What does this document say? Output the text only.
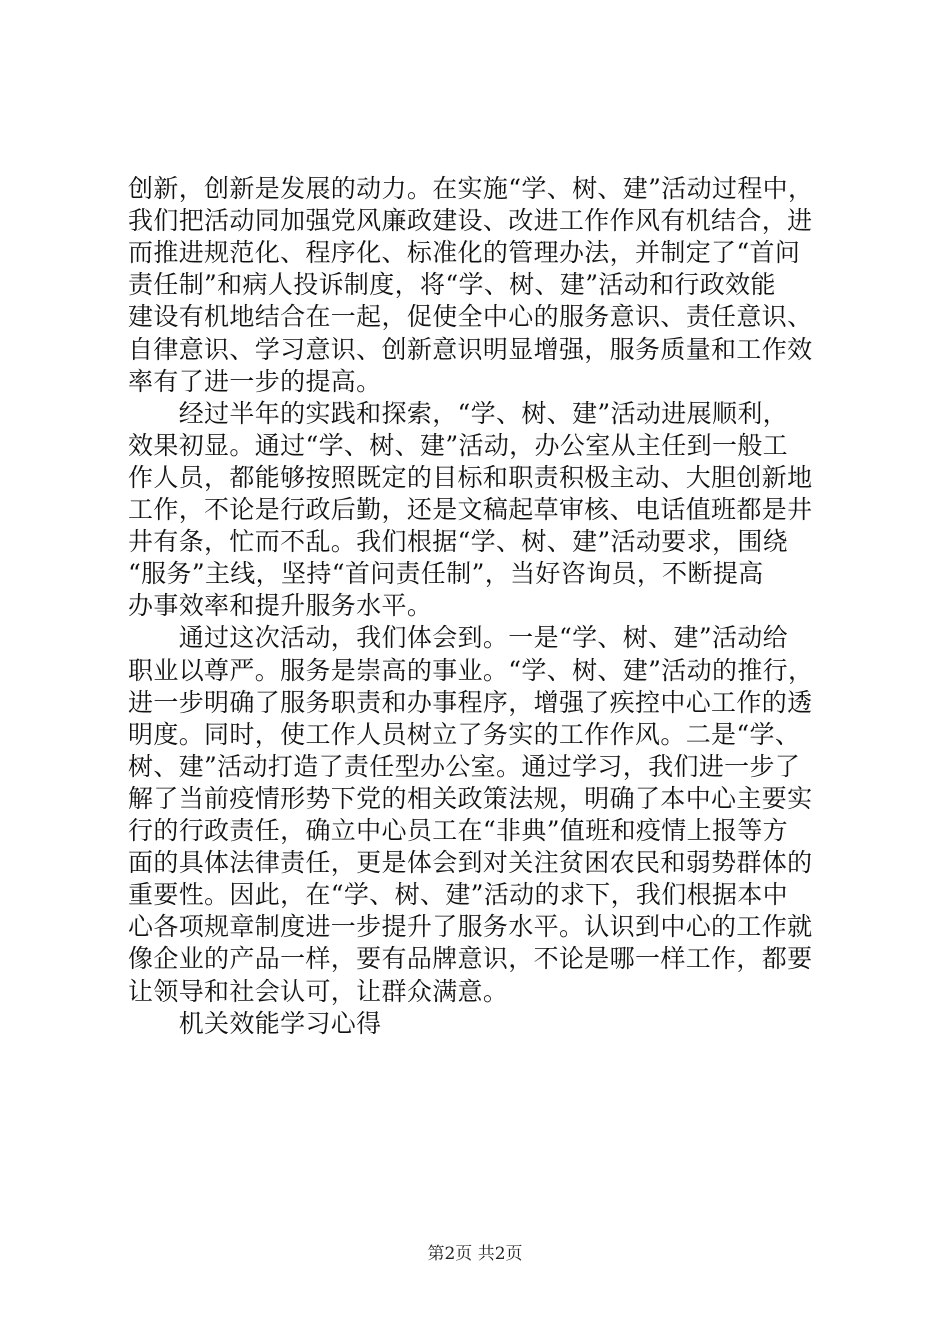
创新，创新是发展的动力。在实施“学、树、建”活动过程中，
我们把活动同加强党风廉政建设、改进工作作风有机结合，进
而推进规范化、程序化、标准化的管理办法，并制定了“首问
责任制”和病人投诉制度，将“学、树、建”活动和行政效能
建设有机地结合在一起，促使全中心的服务意识、责任意识、
自律意识、学习意识、创新意识明显增强，服务质量和工作效
率有了进一步的提高。
　　经过半年的实践和探索，“学、树、建”活动进展顺利，
效果初显。通过“学、树、建”活动，办公室从主任到一般工
作人员，都能够按照既定的目标和职责积极主动、大胆创新地
工作，不论是行政后勤，还是文稿起草审核、电话值班都是井
井有条，忙而不乱。我们根据“学、树、建”活动要求，围绕
“服务”主线，坚持“首问责任制”，当好咨询员，不断提高
办事效率和提升服务水平。
　　通过这次活动，我们体会到。一是“学、树、建”活动给
职业以尊严。服务是崇高的事业。“学、树、建”活动的推行，
进一步明确了服务职责和办事程序，增强了疾控中心工作的透
明度。同时，使工作人员树立了务实的工作作风。二是“学、
树、建”活动打造了责任型办公室。通过学习，我们进一步了
解了当前疫情形势下党的相关政策法规，明确了本中心主要实
行的行政责任，确立中心员工在“非典”值班和疫情上报等方
面的具体法律责任，更是体会到对关注贫困农民和弱势群体的
重要性。因此，在“学、树、建”活动的求下，我们根据本中
心各项规章制度进一步提升了服务水平。认识到中心的工作就
像企业的产品一样，要有品牌意识，不论是哪一样工作，都要
让领导和社会认可，让群众满意。
　　机关效能学习心得
第2页 共2页
